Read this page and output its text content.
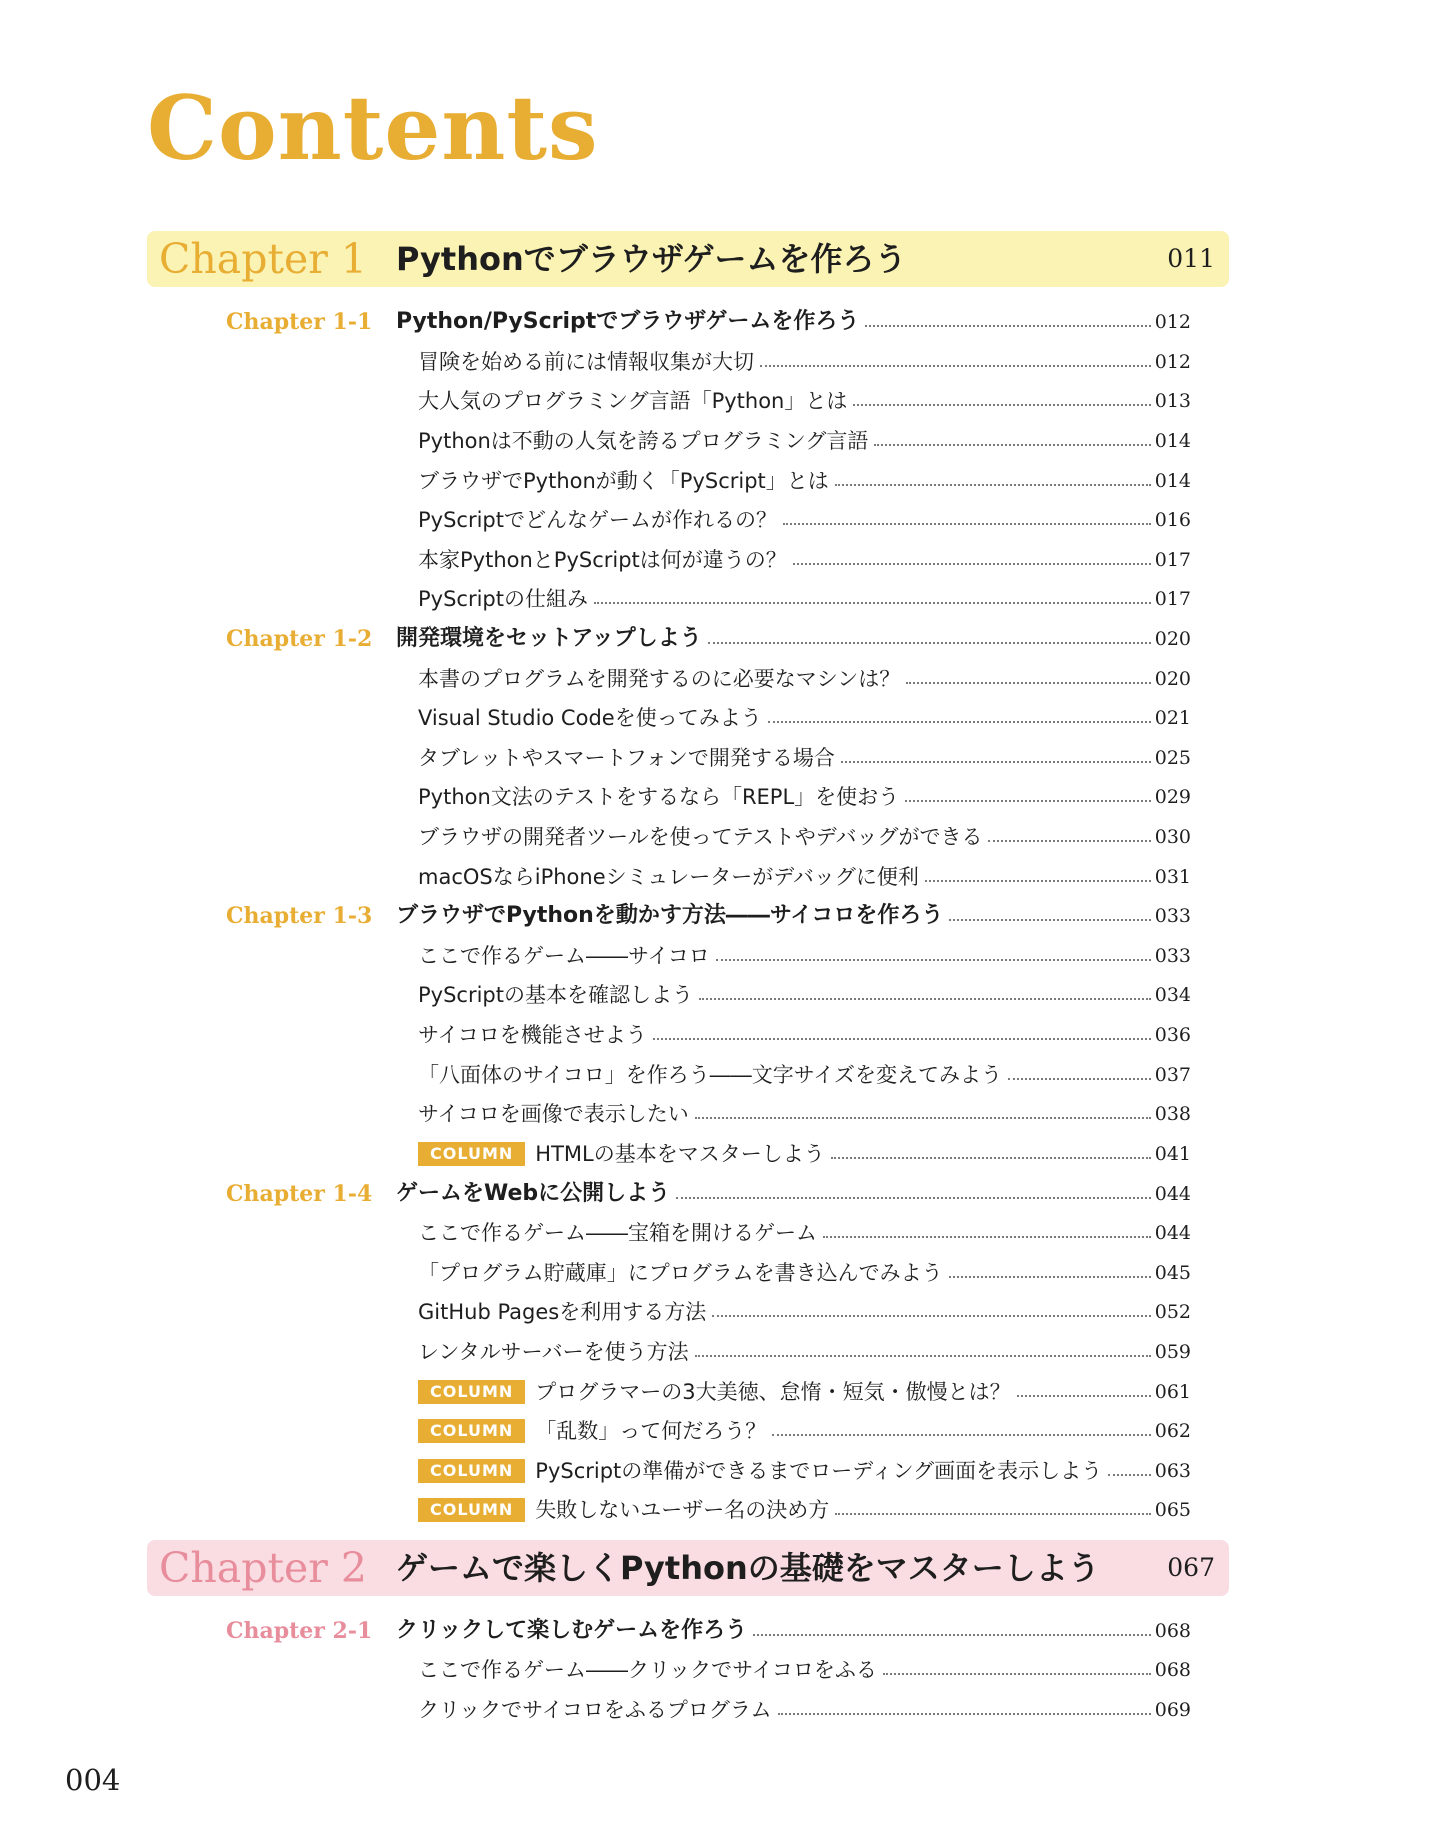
Contents
Chapter 1 Pythonでブラウザゲームを作ろう	011
Chapter 1-1 Python/PyScriptでブラウザゲームを作ろう	012
冒険を始める前には情報収集が大切	012
大人気のプログラミング言語「Python」とは	013
Pythonは不動の人気を誇るプログラミング言語	014
ブラウザでPythonが動く「PyScript」とは	014
PyScriptでどんなゲームが作れるの？	016
本家PythonとPyScriptは何が違うの？	017
PyScriptの仕組み	017
Chapter 1-2 開発環境をセットアップしよう	020
本書のプログラムを開発するのに必要なマシンは？	020
Visual Studio Codeを使ってみよう	021
タブレットやスマートフォンで開発する場合	025
Python文法のテストをするなら「REPL」を使おう	029
ブラウザの開発者ツールを使ってテストやデバッグができる	030
macOSならiPhoneシミュレーターがデバッグに便利	031
Chapter 1-3 ブラウザでPythonを動かす方法――サイコロを作ろう	033
ここで作るゲーム――サイコロ	033
PyScriptの基本を確認しよう	034
サイコロを機能させよう	036
「八面体のサイコロ」を作ろう――文字サイズを変えてみよう	037
サイコロを画像で表示したい	038
COLUMN	HTMLの基本をマスターしよう	041
Chapter 1-4 ゲームをWebに公開しよう	044
ここで作るゲーム――宝箱を開けるゲーム	044
「プログラム貯蔵庫」にプログラムを書き込んでみよう	045
GitHub Pagesを利用する方法	052
レンタルサーバーを使う方法	059
COLUMN	プログラマーの3大美徳、怠惰・短気・傲慢とは？	061
COLUMN	「乱数」って何だろう？	062
COLUMN	PyScriptの準備ができるまでローディング画面を表示しよう	063
COLUMN	失敗しないユーザー名の決め方	065
Chapter 2 ゲームで楽しくPythonの基礎をマスターしよう	067
Chapter 2-1 クリックして楽しむゲームを作ろう	068
ここで作るゲーム――クリックでサイコロをふる	068
クリックでサイコロをふるプログラム	069
004
